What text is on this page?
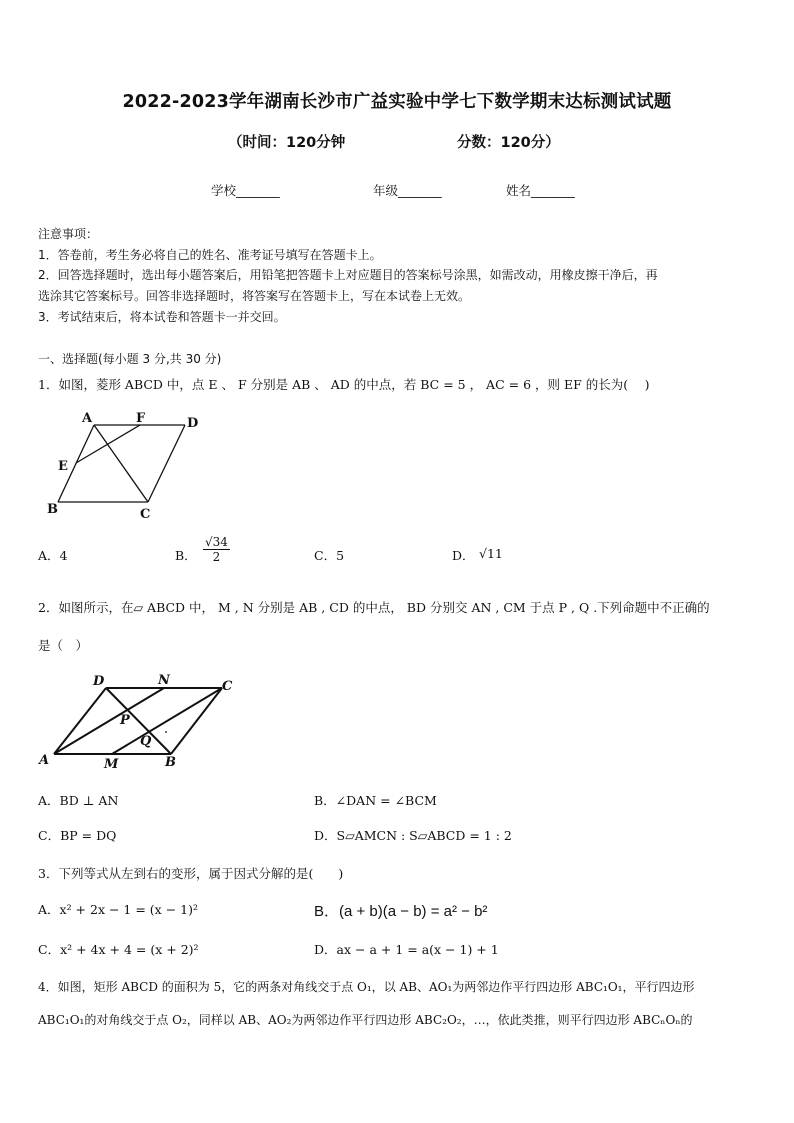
2022-2023学年湖南长沙市广益实验中学七下数学期末达标测试试题
（时间：120分钟	分数：120分）
学校_______	年级_______	姓名_______
注意事项：
1．答卷前，考生务必将自己的姓名、准考证号填写在答题卡上。
2．回答选择题时，选出每小题答案后，用铅笔把答题卡上对应题目的答案标号涂黑，如需改动，用橡皮擦干净后，再
选涂其它答案标号。回答非选择题时，将答案写在答题卡上，写在本试卷上无效。
3．考试结束后，将本试卷和答题卡一并交回。
一、选择题(每小题 3 分,共 30 分)
1．如图，菱形 ABCD 中，点 E 、 F 分别是 AB 、 AD 的中点，若 BC = 5 ， AC = 6 ，则 EF 的长为(　 )
A	F	D
E
B	C
A．4	B． $\frac{√34}{2}$	C．5	D． √11
2．如图所示，在▱ ABCD 中， M , N 分别是 AB , CD 的中点， BD 分别交 AN , CM 于点 P , Q .下列命题中不正确的
是（　）
D	N	C
P
Q
A	M	B
A．BD ⊥ AN	B．∠DAN = ∠BCM
C．BP = DQ	D．S▱AMCN : S▱ABCD = 1 : 2
3．下列等式从左到右的变形，属于因式分解的是(　　)
A．x² + 2x − 1 = (x − 1)²	B．(a + b)(a − b) = a² − b²
C．x² + 4x + 4 = (x + 2)²	D．ax − a + 1 = a(x − 1) + 1
4．如图，矩形 ABCD 的面积为 5，它的两条对角线交于点 O₁，以 AB、AO₁为两邻边作平行四边形 ABC₁O₁，平行四边形
ABC₁O₁的对角线交于点 O₂，同样以 AB、AO₂为两邻边作平行四边形 ABC₂O₂，…，依此类推，则平行四边形 ABCₙOₙ的
